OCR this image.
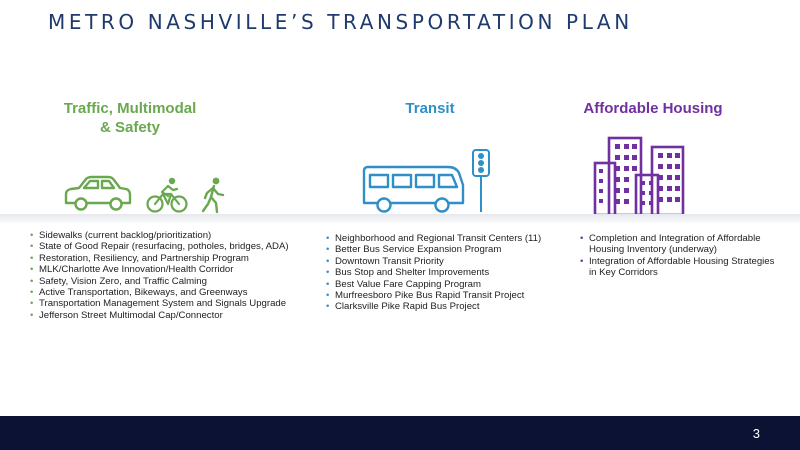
METRO NASHVILLE’S TRANSPORTATION PLAN
Traffic, Multimodal
& Safety
Transit	Affordable Housing
• Sidewalks (current backlog/prioritization)
• State of Good Repair (resurfacing, potholes, bridges, ADA)
• Restoration, Resiliency, and Partnership Program
• MLK/Charlotte Ave Innovation/Health Corridor
• Safety, Vision Zero, and Traffic Calming
• Active Transportation, Bikeways, and Greenways
• Transportation Management System and Signals Upgrade
• Jefferson Street Multimodal Cap/Connector
• Neighborhood and Regional Transit Centers (11)
• Better Bus Service Expansion Program
• Downtown Transit Priority
• Bus Stop and Shelter Improvements
• Best Value Fare Capping Program
• Murfreesboro Pike Bus Rapid Transit Project
• Clarksville Pike Rapid Bus Project
• Completion and Integration of Affordable Housing Inventory (underway)
• Integration of Affordable Housing Strategies in Key Corridors
3
